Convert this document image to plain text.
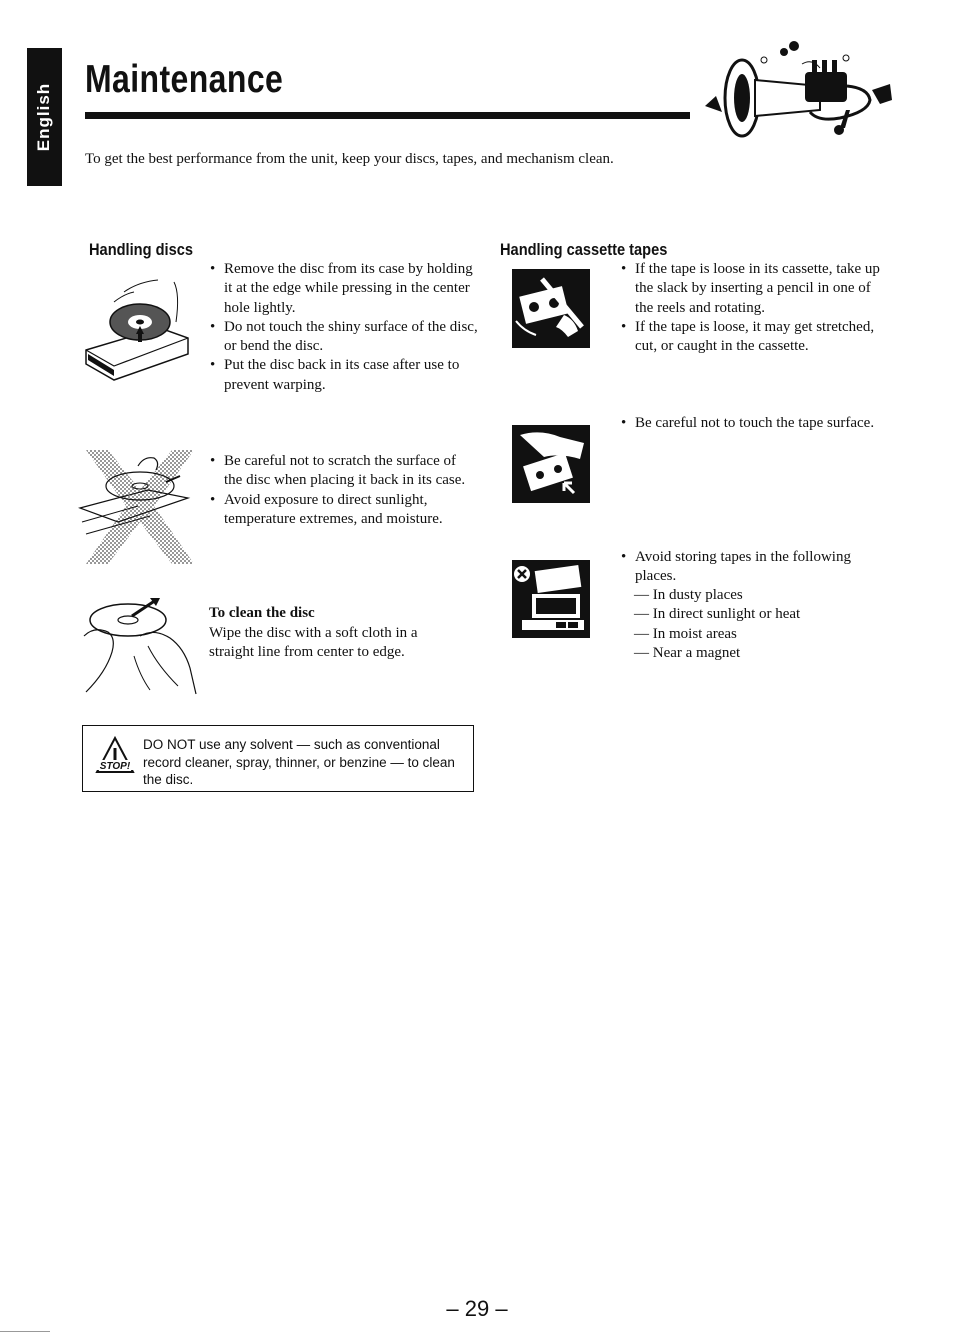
English
Maintenance
To get the best performance from the unit, keep your discs, tapes, and mechanism clean.
Handling discs
• Remove the disc from its case by holding it at the edge while pressing in the center hole lightly.
• Do not touch the shiny surface of the disc, or bend the disc.
• Put the disc back in its case after use to prevent warping.
• Be careful not to scratch the surface of the disc when placing it back in its case.
• Avoid exposure to direct sunlight, temperature extremes, and moisture.
To clean the disc
Wipe the disc with a soft cloth in a straight line from center to edge.
STOP!
DO NOT use any solvent — such as conventional record cleaner, spray, thinner, or benzine — to clean the disc.
Handling cassette tapes
• If the tape is loose in its cassette, take up the slack by inserting a pencil in one of the reels and rotating.
• If the tape is loose, it may get stretched, cut, or caught in the cassette.
• Be careful not to touch the tape surface.
• Avoid storing tapes in the following places.
— In dusty places
— In direct sunlight or heat
— In moist areas
— Near a magnet
– 29 –
